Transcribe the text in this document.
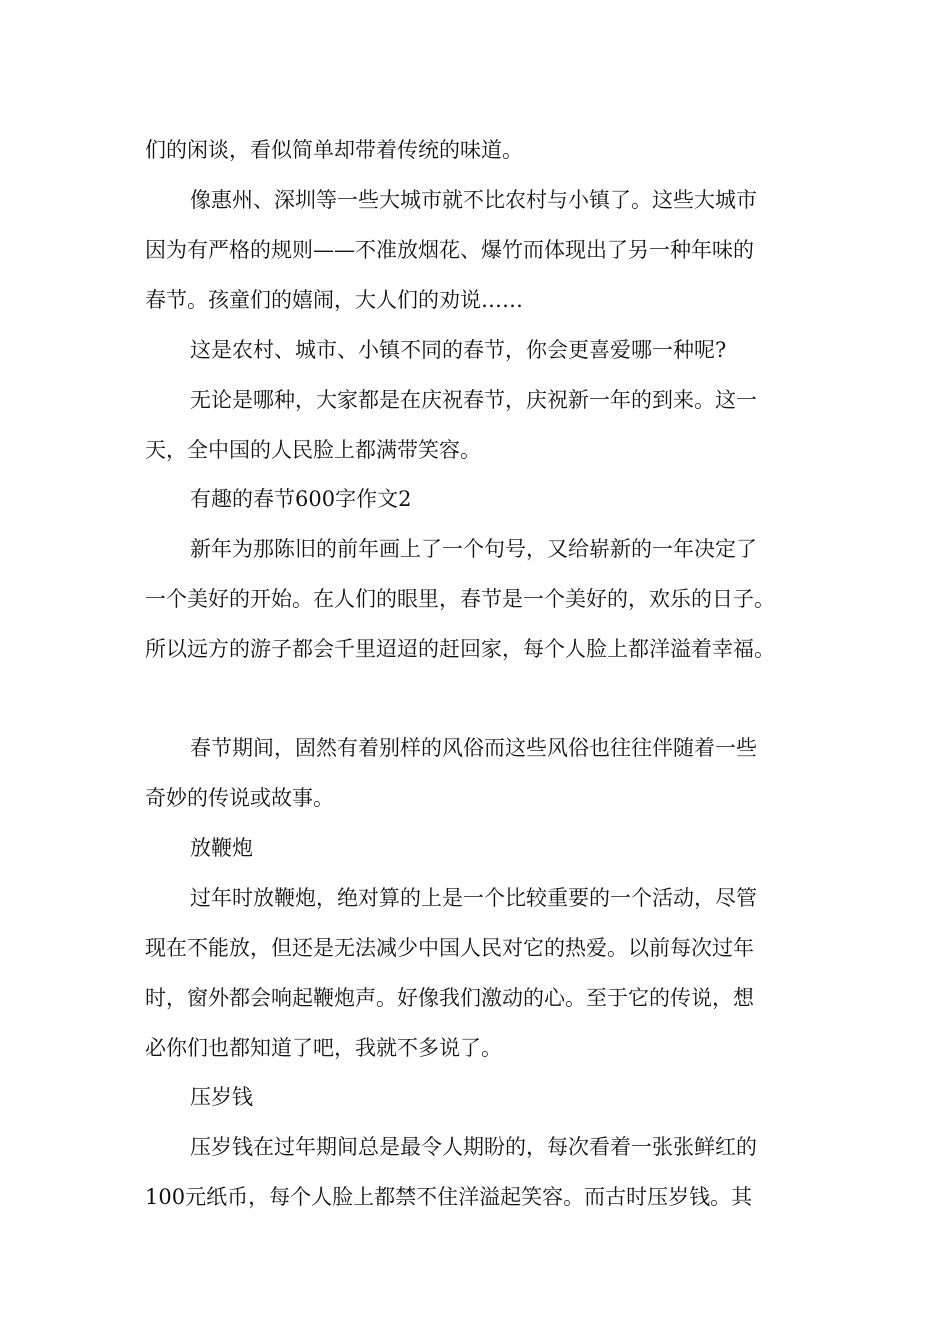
们的闲谈，看似简单却带着传统的味道。
像惠州、深圳等一些大城市就不比农村与小镇了。这些大城市
因为有严格的规则——不准放烟花、爆竹而体现出了另一种年味的
春节。孩童们的嬉闹，大人们的劝说……
这是农村、城市、小镇不同的春节，你会更喜爱哪一种呢?
无论是哪种，大家都是在庆祝春节，庆祝新一年的到来。这一
天，全中国的人民脸上都满带笑容。
有趣的春节600字作文2
新年为那陈旧的前年画上了一个句号，又给崭新的一年决定了
一个美好的开始。在人们的眼里，春节是一个美好的，欢乐的日子。
所以远方的游子都会千里迢迢的赶回家，每个人脸上都洋溢着幸福。
春节期间，固然有着别样的风俗而这些风俗也往往伴随着一些
奇妙的传说或故事。
放鞭炮
过年时放鞭炮，绝对算的上是一个比较重要的一个活动，尽管
现在不能放，但还是无法减少中国人民对它的热爱。以前每次过年
时，窗外都会响起鞭炮声。好像我们激动的心。至于它的传说，想
必你们也都知道了吧，我就不多说了。
压岁钱
压岁钱在过年期间总是最令人期盼的，每次看着一张张鲜红的
100元纸币，每个人脸上都禁不住洋溢起笑容。而古时压岁钱。其
